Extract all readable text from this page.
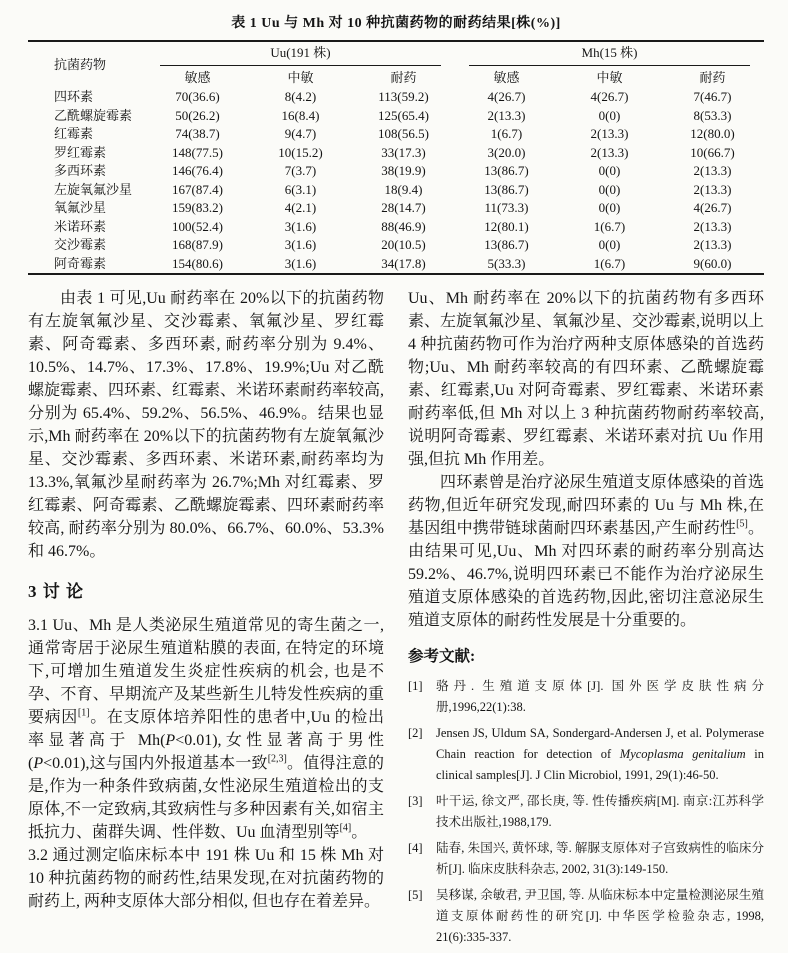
表 1 Uu 与 Mh 对 10 种抗菌药物的耐药结果[株(%)]
抗菌药物	Uu(191 株)			Mh(15 株)		

	敏感	中敏	耐药	敏感	中敏	耐药
四环素	70(36.6)	8(4.2)	113(59.2)	4(26.7)	4(26.7)	7(46.7)
乙酰螺旋霉素	50(26.2)	16(8.4)	125(65.4)	2(13.3)	0(0)	8(53.3)
红霉素	74(38.7)	9(4.7)	108(56.5)	1(6.7)	2(13.3)	12(80.0)
罗红霉素	148(77.5)	10(15.2)	33(17.3)	3(20.0)	2(13.3)	10(66.7)
多西环素	146(76.4)	7(3.7)	38(19.9)	13(86.7)	0(0)	2(13.3)
左旋氧氟沙星	167(87.4)	6(3.1)	18(9.4)	13(86.7)	0(0)	2(13.3)
氧氟沙星	159(83.2)	4(2.1)	28(14.7)	11(73.3)	0(0)	4(26.7)
米诺环素	100(52.4)	3(1.6)	88(46.9)	12(80.1)	1(6.7)	2(13.3)
交沙霉素	168(87.9)	3(1.6)	20(10.5)	13(86.7)	0(0)	2(13.3)
阿奇霉素	154(80.6)	3(1.6)	34(17.8)	5(33.3)	1(6.7)	9(60.0)

由表 1 可见,Uu 耐药率在 20%以下的抗菌药物有左旋氧氟沙星、交沙霉素、氧氟沙星、罗红霉素、阿奇霉素、多西环素, 耐药率分别为 9.4%、10.5%、14.7%、17.3%、17.8%、19.9%;Uu 对乙酰螺旋霉素、四环素、红霉素、米诺环素耐药率较高,分别为 65.4%、59.2%、56.5%、46.9%。结果也显示,Mh 耐药率在 20%以下的抗菌药物有左旋氧氟沙星、交沙霉素、多西环素、米诺环素,耐药率均为 13.3%,氧氟沙星耐药率为 26.7%;Mh 对红霉素、罗红霉素、阿奇霉素、乙酰螺旋霉素、四环素耐药率较高, 耐药率分别为 80.0%、66.7%、60.0%、53.3%和 46.7%。

3 讨 论

3.1 Uu、Mh 是人类泌尿生殖道常见的寄生菌之一,通常寄居于泌尿生殖道粘膜的表面, 在特定的环境下,可增加生殖道发生炎症性疾病的机会, 也是不孕、不育、早期流产及某些新生儿特发性疾病的重要病因[1]。在支原体培养阳性的患者中,Uu 的检出率显著高于 Mh(P<0.01),女性显著高于男性(P<0.01),这与国内外报道基本一致[2,3]。值得注意的是,作为一种条件致病菌,女性泌尿生殖道检出的支原体,不一定致病,其致病性与多种因素有关,如宿主抵抗力、菌群失调、性伴数、Uu 血清型别等[4]。

3.2 通过测定临床标本中 191 株 Uu 和 15 株 Mh 对 10 种抗菌药物的耐药性,结果发现,在对抗菌药物的耐药上, 两种支原体大部分相似, 但也存在着差异。

Uu、Mh 耐药率在 20%以下的抗菌药物有多西环素、左旋氧氟沙星、氧氟沙星、交沙霉素,说明以上 4 种抗菌药物可作为治疗两种支原体感染的首选药物;Uu、Mh 耐药率较高的有四环素、乙酰螺旋霉素、红霉素,Uu 对阿奇霉素、罗红霉素、米诺环素耐药率低,但 Mh 对以上 3 种抗菌药物耐药率较高, 说明阿奇霉素、罗红霉素、米诺环素对抗 Uu 作用强,但抗 Mh 作用差。

四环素曾是治疗泌尿生殖道支原体感染的首选药物,但近年研究发现,耐四环素的 Uu 与 Mh 株,在基因组中携带链球菌耐四环素基因,产生耐药性[5]。由结果可见,Uu、Mh 对四环素的耐药率分别高达 59.2%、46.7%,说明四环素已不能作为治疗泌尿生殖道支原体感染的首选药物,因此,密切注意泌尿生殖道支原体的耐药性发展是十分重要的。

参考文献:
[1]	骆丹. 生殖道支原体[J]. 国外医学皮肤性病分册,1996,22(1):38.
[2]	Jensen JS, Uldum SA, Sondergard-Andersen J, et al. Polymerase Chain reaction for detection of Mycoplasma genitalium in clinical samples[J]. J Clin Microbiol, 1991, 29(1):46-50.
[3]	叶干运, 徐文严, 邵长庚, 等. 性传播疾病[M]. 南京:江苏科学技术出版社,1988,179.
[4]	陆春, 朱国兴, 黄怀球, 等. 解脲支原体对子宫致病性的临床分析[J]. 临床皮肤科杂志, 2002, 31(3):149-150.
[5]	吴移谋, 余敏君, 尹卫国, 等. 从临床标本中定量检测泌尿生殖道支原体耐药性的研究[J]. 中华医学检验杂志, 1998, 21(6):335-337.
